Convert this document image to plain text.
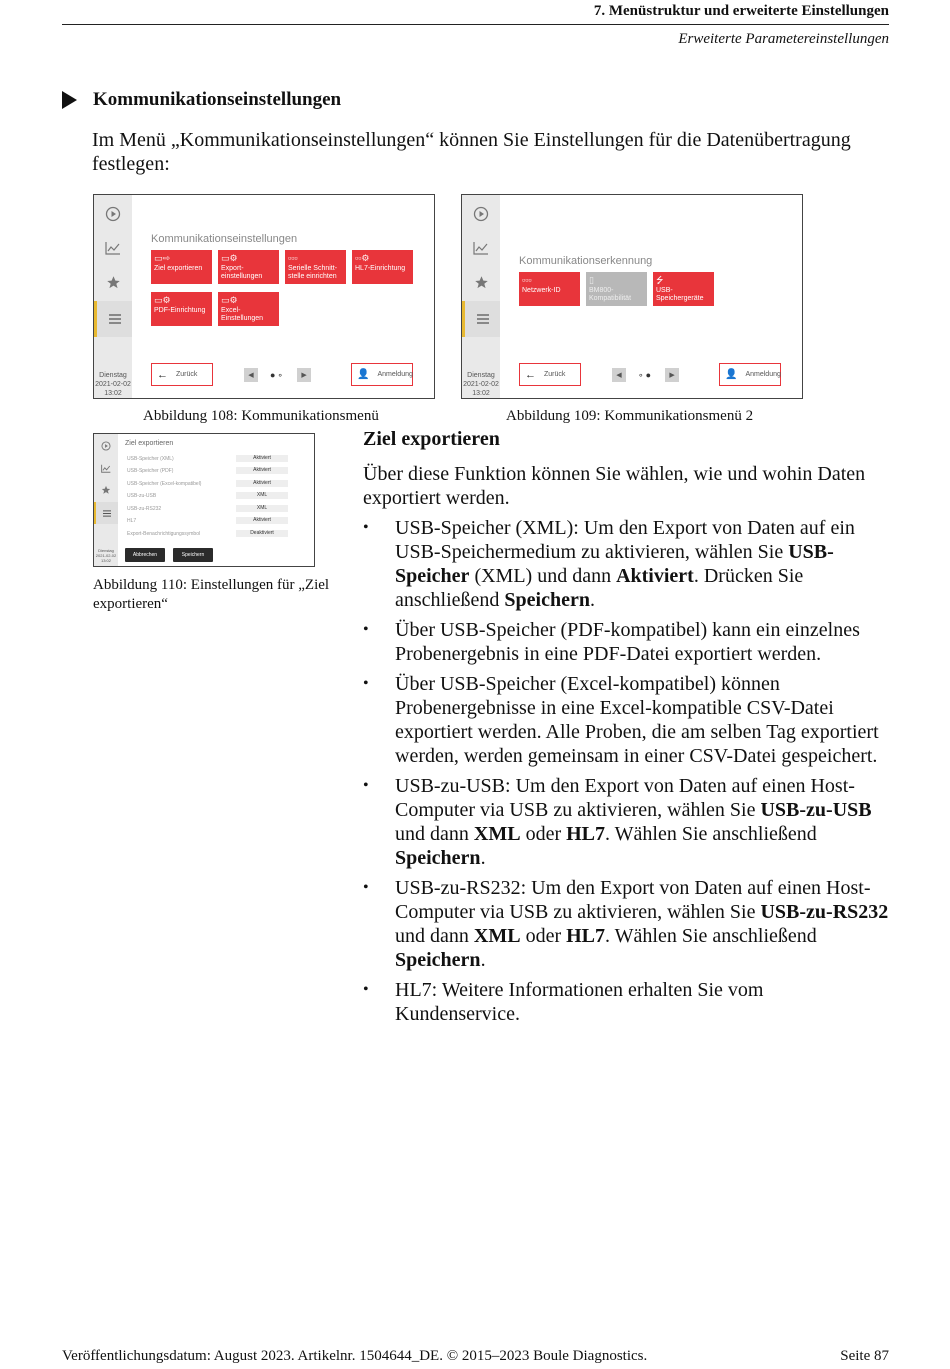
7. Menüstruktur und erweiterte Einstellungen
Erweiterte Parametereinstellungen
Kommunikationseinstellungen
Im Menü „Kommunikationseinstellungen“ können Sie Einstellungen für die Datenübertragung festlegen:
Dienstag
2021-02-02
13:02
Kommunikationseinstellungen
▭⇨
Ziel exportieren
▭⚙
Export-einstellungen
▫▫▫
Serielle Schnitt-stelle einrichten
▫▫⚙
HL7-Einrichtung
▭⚙
PDF-Einrichtung
▭⚙
Excel-Einstellungen
← Zurück	◀	●∘	▶	👤 Anmeldung	Dienstag
2021-02-02
13:02
Kommunikationserkennung
▫▫▫
Netzwerk-ID
▯
BM800-Kompatibilität
⭍
USB-Speichergeräte
← Zurück	◀	∘●	▶	👤 Anmeldung
Abbildung 108: Kommunikationsmenü	Abbildung 109: Kommunikationsmenü 2
Dienstag
2021-02-02
13:02
Ziel exportieren
USB-Speicher (XML)	Aktiviert
USB-Speicher (PDF)	Aktiviert
USB-Speicher (Excel-kompatibel)	Aktiviert
USB-zu-USB	XML
USB-zu-RS232	XML
HL7	Aktiviert
Export-Benachrichtigungssymbol	Deaktiviert
Abbrechen	Speichern
Abbildung 110: Einstellungen für „Ziel
exportieren“
Ziel exportieren
Über diese Funktion können Sie wählen, wie und wohin Daten exportiert werden.
• USB-Speicher (XML): Um den Export von Daten auf ein USB-Speichermedium zu aktivieren, wählen Sie USB-Speicher (XML) und dann Aktiviert. Drücken Sie anschließend Speichern.
• Über USB-Speicher (PDF-kompatibel) kann ein einzelnes Probenergebnis in eine PDF-Datei exportiert werden.
• Über USB-Speicher (Excel-kompatibel) können Probenergebnisse in eine Excel-kompatible CSV-Datei exportiert werden. Alle Proben, die am selben Tag exportiert werden, werden gemeinsam in einer CSV-Datei gespeichert.
• USB-zu-USB: Um den Export von Daten auf einen Host-Computer via USB zu aktivieren, wählen Sie USB-zu-USB und dann XML oder HL7. Wählen Sie anschließend Speichern.
• USB-zu-RS232: Um den Export von Daten auf einen Host-Computer via USB zu aktivieren, wählen Sie USB-zu-RS232 und dann XML oder HL7. Wählen Sie anschließend Speichern.
• HL7: Weitere Informationen erhalten Sie vom Kundenservice.
Veröffentlichungsdatum: August 2023. Artikelnr. 1504644_DE. © 2015–2023 Boule Diagnostics.	Seite 87
